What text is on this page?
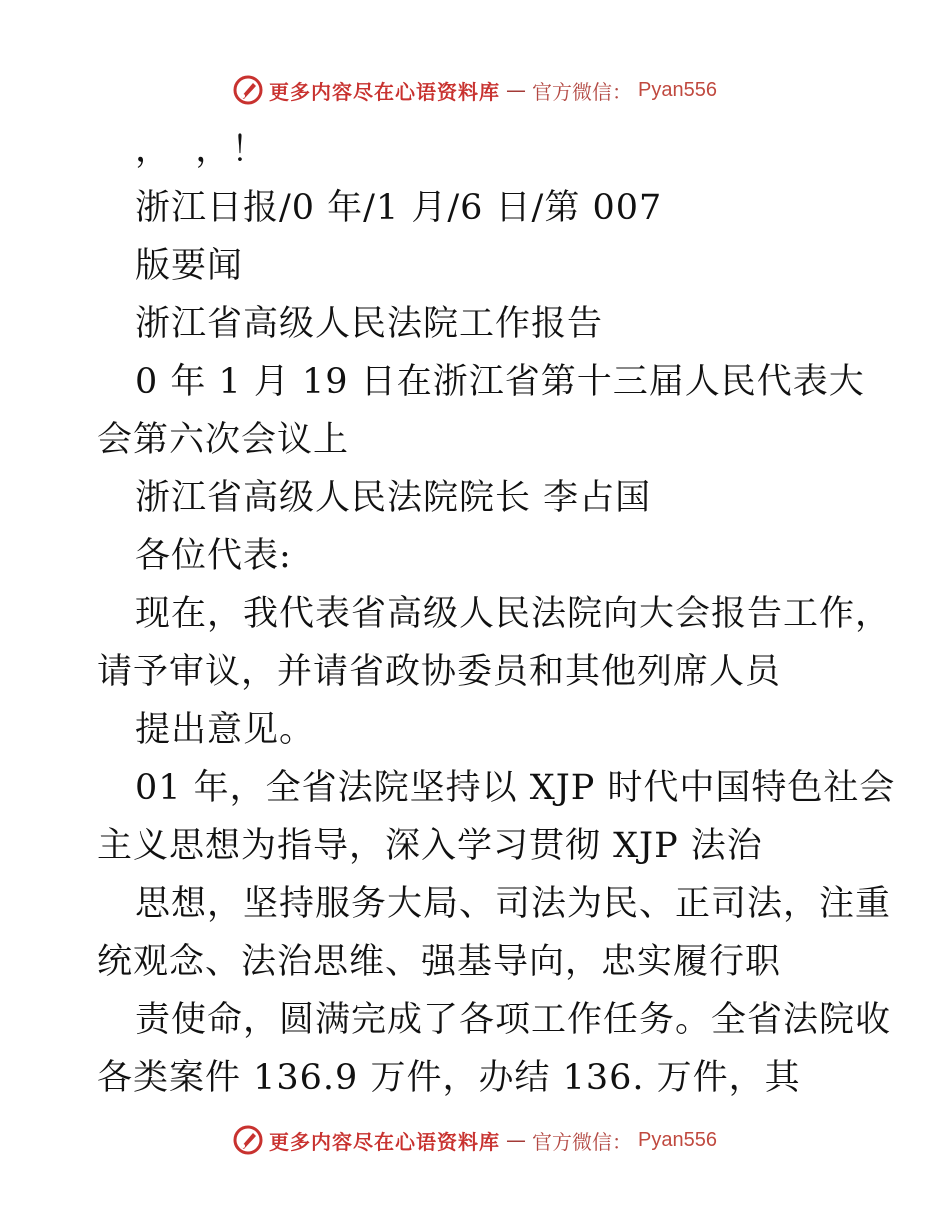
更多内容尽在心语资料库 — 官方微信： Pyan556
，  ，！
浙江日报/0 年/1 月/6 日/第 007
版要闻
浙江省高级人民法院工作报告
0 年 1 月 19 日在浙江省第十三届人民代表大
会第六次会议上
浙江省高级人民法院院长 李占国
各位代表:
现在，我代表省高级人民法院向大会报告工作，
请予审议，并请省政协委员和其他列席人员
提出意见。
01 年，全省法院坚持以 XJP 时代中国特色社会
主义思想为指导，深入学习贯彻 XJP 法治
思想，坚持服务大局、司法为民、正司法，注重
统观念、法治思维、强基导向，忠实履行职
责使命，圆满完成了各项工作任务。全省法院收
各类案件 136.9 万件，办结 136. 万件，其
更多内容尽在心语资料库 — 官方微信： Pyan556
